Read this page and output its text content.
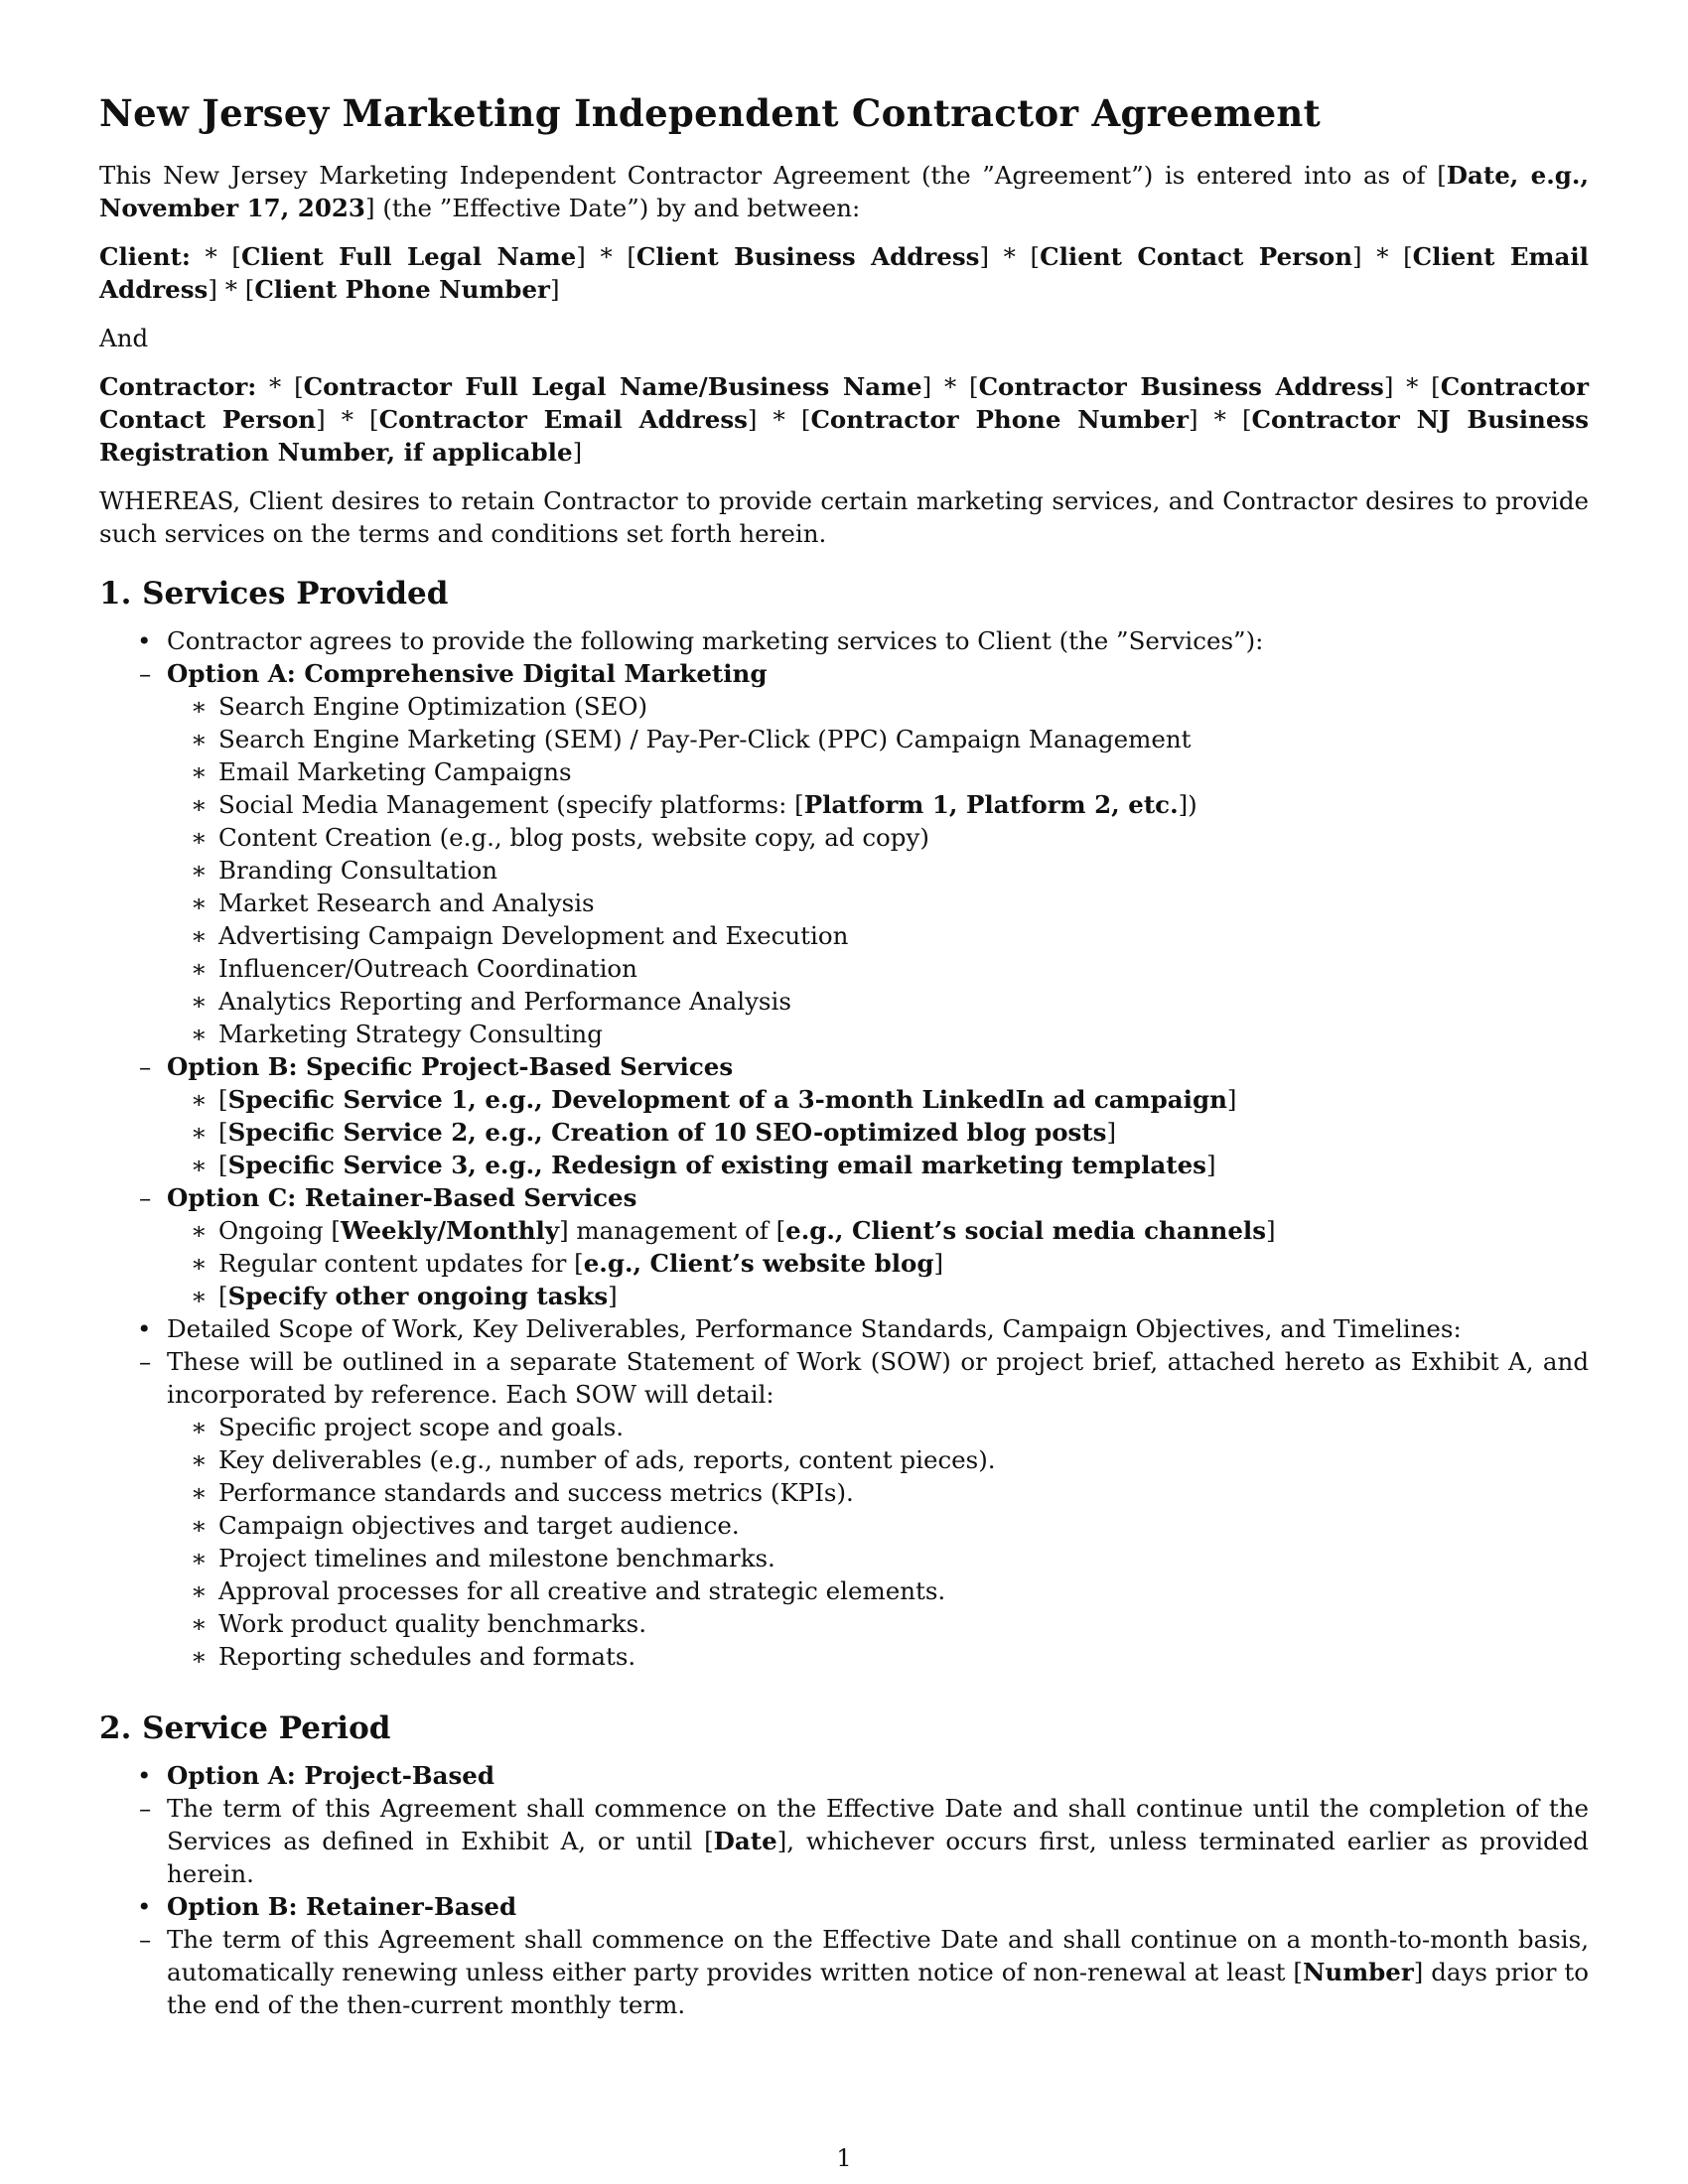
New Jersey Marketing Independent Contractor Agreement

This New Jersey Marketing Independent Contractor Agreement (the ”Agreement”) is entered into as of [Date, e.g., November 17, 2023] (the ”Effective Date”) by and between:

Client: * [Client Full Legal Name] * [Client Business Address] * [Client Contact Person] * [Client Email Address] * [Client Phone Number]

And

Contractor: * [Contractor Full Legal Name/Business Name] * [Contractor Business Address] * [Contractor Contact Person] * [Contractor Email Address] * [Contractor Phone Number] * [Contractor NJ Business Registration Number, if applicable]

WHEREAS, Client desires to retain Contractor to provide certain marketing services, and Contractor desires to provide such services on the terms and conditions set forth herein.

1. Services Provided
• Contractor agrees to provide the following marketing services to Client (the ”Services”):
– Option A: Comprehensive Digital Marketing
∗ Search Engine Optimization (SEO)
∗ Search Engine Marketing (SEM) / Pay-Per-Click (PPC) Campaign Management
∗ Email Marketing Campaigns
∗ Social Media Management (specify platforms: [Platform 1, Platform 2, etc.])
∗ Content Creation (e.g., blog posts, website copy, ad copy)
∗ Branding Consultation
∗ Market Research and Analysis
∗ Advertising Campaign Development and Execution
∗ Influencer/Outreach Coordination
∗ Analytics Reporting and Performance Analysis
∗ Marketing Strategy Consulting
– Option B: Specific Project-Based Services
∗ [Specific Service 1, e.g., Development of a 3-month LinkedIn ad campaign]
∗ [Specific Service 2, e.g., Creation of 10 SEO-optimized blog posts]
∗ [Specific Service 3, e.g., Redesign of existing email marketing templates]
– Option C: Retainer-Based Services
∗ Ongoing [Weekly/Monthly] management of [e.g., Client’s social media channels]
∗ Regular content updates for [e.g., Client’s website blog]
∗ [Specify other ongoing tasks]
• Detailed Scope of Work, Key Deliverables, Performance Standards, Campaign Objectives, and Timelines:
– These will be outlined in a separate Statement of Work (SOW) or project brief, attached hereto as Exhibit A, and incorporated by reference. Each SOW will detail:
∗ Specific project scope and goals.
∗ Key deliverables (e.g., number of ads, reports, content pieces).
∗ Performance standards and success metrics (KPIs).
∗ Campaign objectives and target audience.
∗ Project timelines and milestone benchmarks.
∗ Approval processes for all creative and strategic elements.
∗ Work product quality benchmarks.
∗ Reporting schedules and formats.
2. Service Period
• Option A: Project-Based
– The term of this Agreement shall commence on the Effective Date and shall continue until the completion of the Services as defined in Exhibit A, or until [Date], whichever occurs first, unless terminated earlier as provided herein.
• Option B: Retainer-Based
– The term of this Agreement shall commence on the Effective Date and shall continue on a month-to-month basis, automatically renewing unless either party provides written notice of non-renewal at least [Number] days prior to the end of the then-current monthly term.
1
